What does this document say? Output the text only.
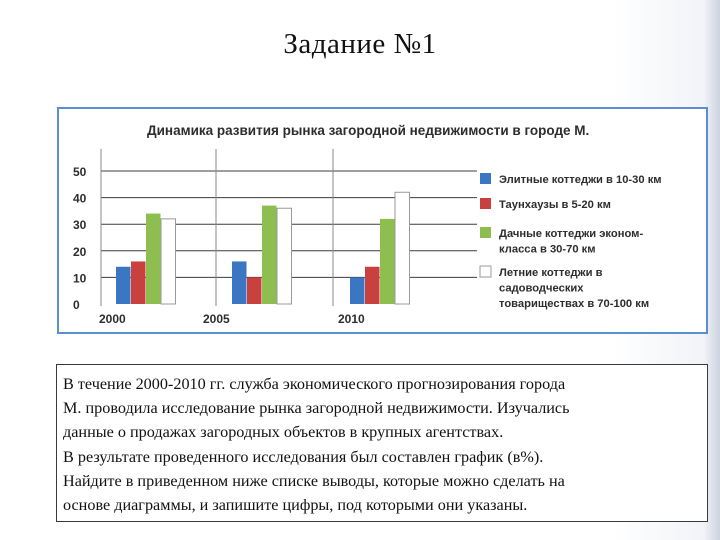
Задание №1
Динамика развития рынка загородной недвижимости в городе М.
0
10
20
30
40
50
2000	2005	2010
Элитные коттеджи в 10-30 км
Таунхаузы в 5-20 км
Дачные коттеджи эконом-
класса в 30-70 км
Летние коттеджи в
садоводческих
товариществах в 70-100 км

В течение 2000-2010 гг. служба экономического прогнозирования города

М. проводила исследование рынка загородной недвижимости. Изучались

данные о продажах загородных объектов в крупных агентствах.

В результате проведенного исследования был составлен график (в%).

Найдите в приведенном ниже списке выводы, которые можно сделать на

основе диаграммы, и запишите цифры, под которыми они указаны.
